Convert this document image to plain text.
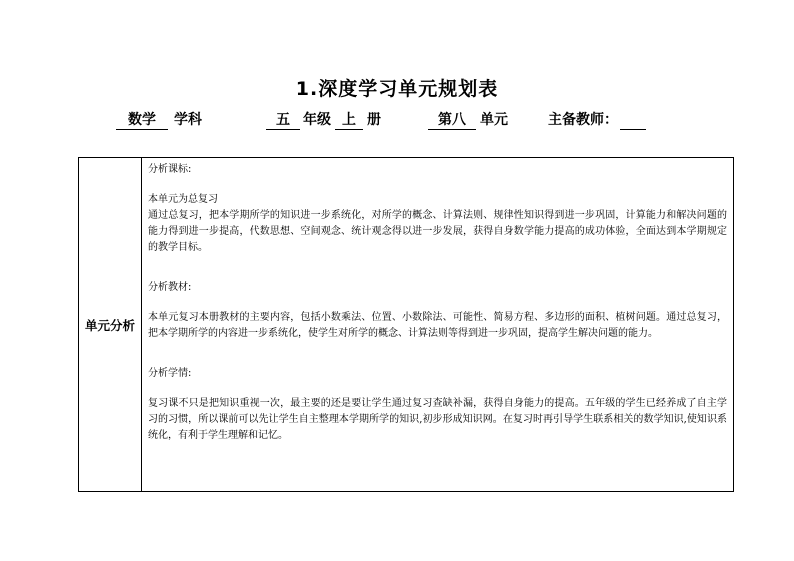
1.深度学习单元规划表
数学 学科	五 年级 上 册	第八 单元	主备教师：
单元分析
分析课标:

本单元为总复习

通过总复习，把本学期所学的知识进一步系统化，对所学的概念、计算法则、规律性知识得到进一步巩固，计算能力和解决问题的能力得到进一步提高，代数思想、空间观念、统计观念得以进一步发展，获得自身数学能力提高的成功体验，全面达到本学期规定的教学目标。

分析教材:

本单元复习本册教材的主要内容，包括小数乘法、位置、小数除法、可能性、简易方程、多边形的面积、植树问题。通过总复习，把本学期所学的内容进一步系统化，使学生对所学的概念、计算法则等得到进一步巩固，提高学生解决问题的能力。

分析学情:

复习课不只是把知识重视一次，最主要的还是要让学生通过复习查缺补漏，获得自身能力的提高。五年级的学生已经养成了自主学习的习惯，所以课前可以先让学生自主整理本学期所学的知识,初步形成知识网。在复习时再引导学生联系相关的数学知识,使知识系统化，有利于学生理解和记忆。
